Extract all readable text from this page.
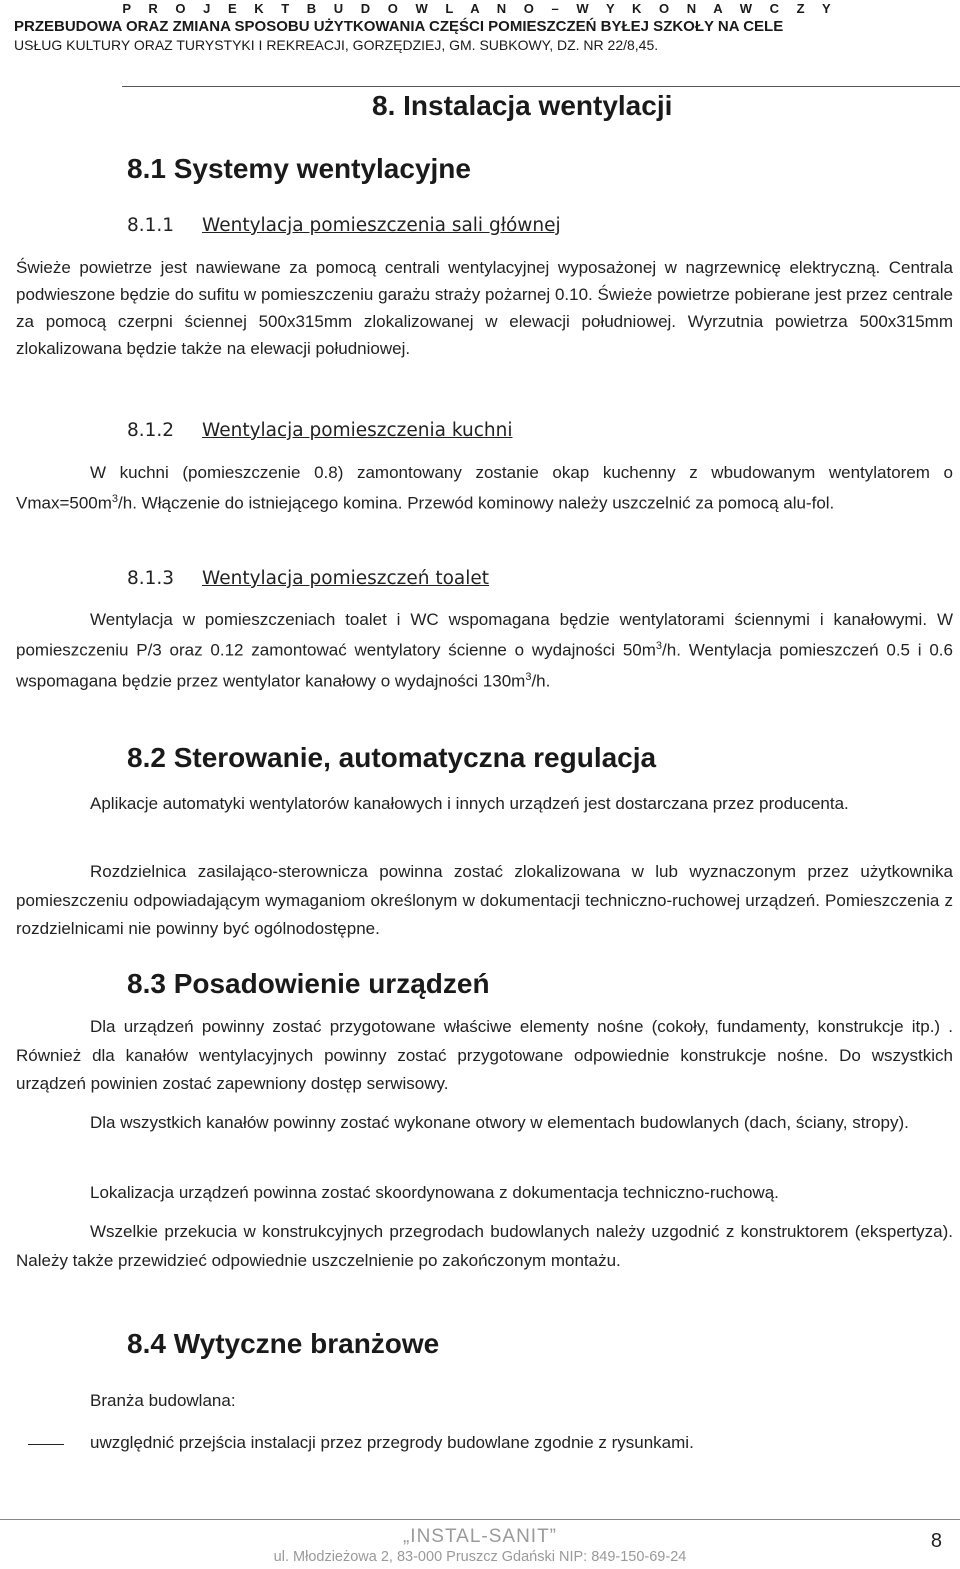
P R O J E K T B U D O W L A N O – W Y K O N A W C Z Y
PRZEBUDOWA ORAZ ZMIANA SPOSOBU UŻYTKOWANIA CZĘŚCI POMIESZCZEŃ BYŁEJ SZKOŁY NA CELE
USŁUG KULTURY ORAZ TURYSTYKI I REKREACJI, GORZĘDZIEJ, GM. SUBKOWY, DZ. NR 22/8,45.
8. Instalacja wentylacji
8.1 Systemy wentylacyjne
8.1.1 Wentylacja pomieszczenia sali głównej
Świeże powietrze jest nawiewane za pomocą centrali wentylacyjnej wyposażonej w nagrzewnicę elektryczną. Centrala podwieszone będzie do sufitu w pomieszczeniu garażu straży pożarnej 0.10. Świeże powietrze pobierane jest przez centrale za pomocą czerpni ściennej 500x315mm zlokalizowanej w elewacji południowej. Wyrzutnia powietrza 500x315mm zlokalizowana będzie także na elewacji południowej.
8.1.2 Wentylacja pomieszczenia kuchni
W kuchni (pomieszczenie 0.8) zamontowany zostanie okap kuchenny z wbudowanym wentylatorem o $Vmax=500m^3/h$. Włączenie do istniejącego komina. Przewód kominowy należy uszczelnić za pomocą alu-fol.
8.1.3 Wentylacja pomieszczeń toalet
Wentylacja w pomieszczeniach toalet i WC wspomagana będzie wentylatorami ściennymi i kanałowymi. W pomieszczeniu P/3 oraz 0.12 zamontować wentylatory ścienne o wydajności $50m^3/h$. Wentylacja pomieszczeń 0.5 i 0.6 wspomagana będzie przez wentylator kanałowy o wydajności $130m^3/h$.
8.2 Sterowanie, automatyczna regulacja
Aplikacje automatyki wentylatorów kanałowych i innych urządzeń jest dostarczana przez producenta.
Rozdzielnica zasilająco-sterownicza powinna zostać zlokalizowana w lub wyznaczonym przez użytkownika pomieszczeniu odpowiadającym wymaganiom określonym w dokumentacji techniczno-ruchowej urządzeń. Pomieszczenia z rozdzielnicami nie powinny być ogólnodostępne.
8.3 Posadowienie urządzeń
Dla urządzeń powinny zostać przygotowane właściwe elementy nośne (cokoły, fundamenty, konstrukcje itp.) . Również dla kanałów wentylacyjnych powinny zostać przygotowane odpowiednie konstrukcje nośne. Do wszystkich urządzeń powinien zostać zapewniony dostęp serwisowy.
Dla wszystkich kanałów powinny zostać wykonane otwory w elementach budowlanych (dach, ściany, stropy).
Lokalizacja urządzeń powinna zostać skoordynowana z dokumentacja techniczno-ruchową.
Wszelkie przekucia w konstrukcyjnych przegrodach budowlanych należy uzgodnić z konstruktorem (ekspertyza). Należy także przewidzieć odpowiednie uszczelnienie po zakończonym montażu.
8.4 Wytyczne branżowe
Branża budowlana:
uwzględnić przejścia instalacji przez przegrody budowlane zgodnie z rysunkami.
„INSTAL-SANIT”
ul. Młodzieżowa 2, 83-000 Pruszcz Gdański NIP: 849-150-69-24
8
